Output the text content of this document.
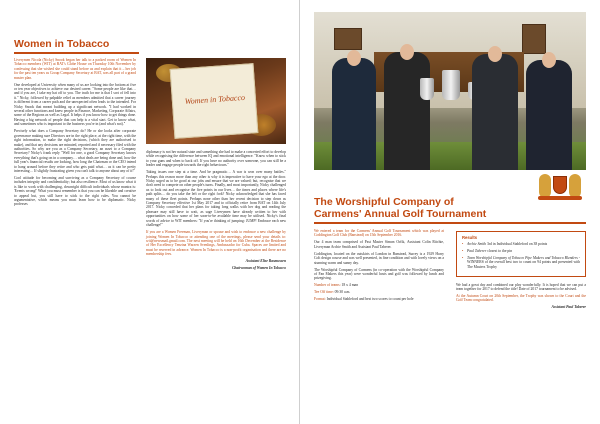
Women in Tobacco

Liverymen Nicola (Nicky) Snook began her talk to a packed room of Women In Tobacco members (WIT) at BAT's Globe House on Thursday 10th November by confessing that she wished she could stand before us and explain that it – her job for the past ten years as Group Company Secretary at BAT, was all part of a grand master plan.

One developed at University when many of us are looking into the bottom at five or ten year objectives to achieve our desired career. "Some people are like that… and if you are, I take my hat off to you. The truth for me is that I sort of fell into it." Nicky, followed by palpable relief as members admitted that a career journey is different from a career path and the unexpected often leads to the intended. For Nicky Snook that meant building up a significant network. "I had worked in several other functions and knew people in Finance, Marketing, Corporate Affairs, some of the Regions as well as Legal. It helps if you know how to get things done. Having a big network of people that can help is a vital start. Get to know what, and sometimes who is important to the business you're in (and what's not)."

Precisely what does a Company Secretary do? He or she looks after corporate governance making sure Directors are in the right place, at the right time, with the right information, to make the right decisions, (which they are authorised to make), and that any decisions are minuted, reported and if necessary filed with the authorities. So why are you as a Company Secretary, an asset to a Company Secretary? Nicky's frank reply "Well for one, a good Company Secretary knows everything that's going on in a company… what deals are being done and, how the full year's financial results are looking, how long the Chairman or the CEO intend to hang around before they retire and who gets paid what… as it can be pretty interesting… If slightly frustrating given you can't talk to anyone about any of it!"

Cool attitude for becoming and surviving as a Company Secretary of course includes integrity and confidentiality; but also resilience. Most of us know what it is like to work with challenging, downright difficult individuals whose mantra is: 'Events wrong!' What you must remember is that you can be likeable and creative to appeal but, you still have to stick to the right rules. You cannot be argumentative, which means you must learn how to be diplomatic. Nicky professes

Women in Tobacco

diplomacy is not her natural state and something she had to make a concerted effort to develop while recognising the difference between IQ and emotional intelligence. "Know when to stick to your guns and when to back off. If you have no authority over someone, you can still be a leader and engage people towards the right behaviours."

Taking issues one step at a time. And be pragmatic… A war is won over many battles." Perhaps this reason more than any other is why it is imperative to have your ego at the door. Nicky urged us to be good at our jobs and ensure that we are valued; but, recognise that we don't need to compete on other people's turns. Finally, and most importantly, Nicky challenged us to look out and recognise the five points in our lives… the times and places where life's path splits… do you take the left or the right fork? Nicky acknowledged that she has faced many of these fleet points. Perhaps none other than her recent decision to step down as Company Secretary effective 1st May 2017 and to officially retire from BAT on 14th July 2017. Nicky conceded that her plans for taking long walks with her dog and reading the pleasure may still have to wait, as sage Liverymen have already written to her with opportunities on how some of her soon-to-be available time may be utilised. Nicky's final words of advice to WIT members: "If you're thinking of jumping: JUMP! Embrace each new challenge!"

If you are a Women Freeman, Liveryman or spouse and wish to embrace a new challenge by joining Women In Tobacco or attending one of the meetings, please send your details to: wit@newsmail.gmail.com. The next meeting will be held on 16th December at the Residence of Her Excellency Tenzina Warzen Svenlings, Ambassador for Cuba. Spaces are limited and must be reserved in advance. Women In Tobacco is a non-profit organisation and there are no membership fees.

Assistant Elise Rasmussen

Chairwoman of Women In Tobacco

The Worshipful Company of
Carmens' Annual Golf Tournament

We entered a team for the Carmens' Annual Golf Tournament which was played at Coddington Golf Club (Banstead) on 15th September 2016.

Our 4 man team comprised of Past Master Simon Orfik, Assistant Colin Ritchie, Liveryman Archie Smith and Assistant Paul Taberer.

Coddington, located on the outskirts of London in Banstead, Surrey is a 1929 Harry Colt design course and was well presented, in fine condition and with lovely views on a stunning warm and sunny day.

The Worshipful Company of Carmens (in co-operation with the Worshipful Company of Fan Makers this year) were wonderful hosts and golf was followed by lunch and prizegiving.

Number of teams: 18 x 4 man

Tee Off time: 09:30 a.m.

Format: Individual Stableford and best two scores to count per hole

Results
• Archie Smith 3rd in Individual Stableford on 38 points
• Paul Taberer closest to the pin
• Team Worshipful Company of Tobacco Pipe Makers and Tobacco Blenders - WINNERS of the overall best two to count on 94 points and presented with The Masters Trophy

We had a great day and combined our play wonderfully. It is hoped that we can put a team together for 2017 to defend the title! Date of 2017 tournament to be advised.

At the Autumn Court on 20th September, the Trophy was shown to the Court and the Golf Team congratulated.

Assistant Paul Taberer
